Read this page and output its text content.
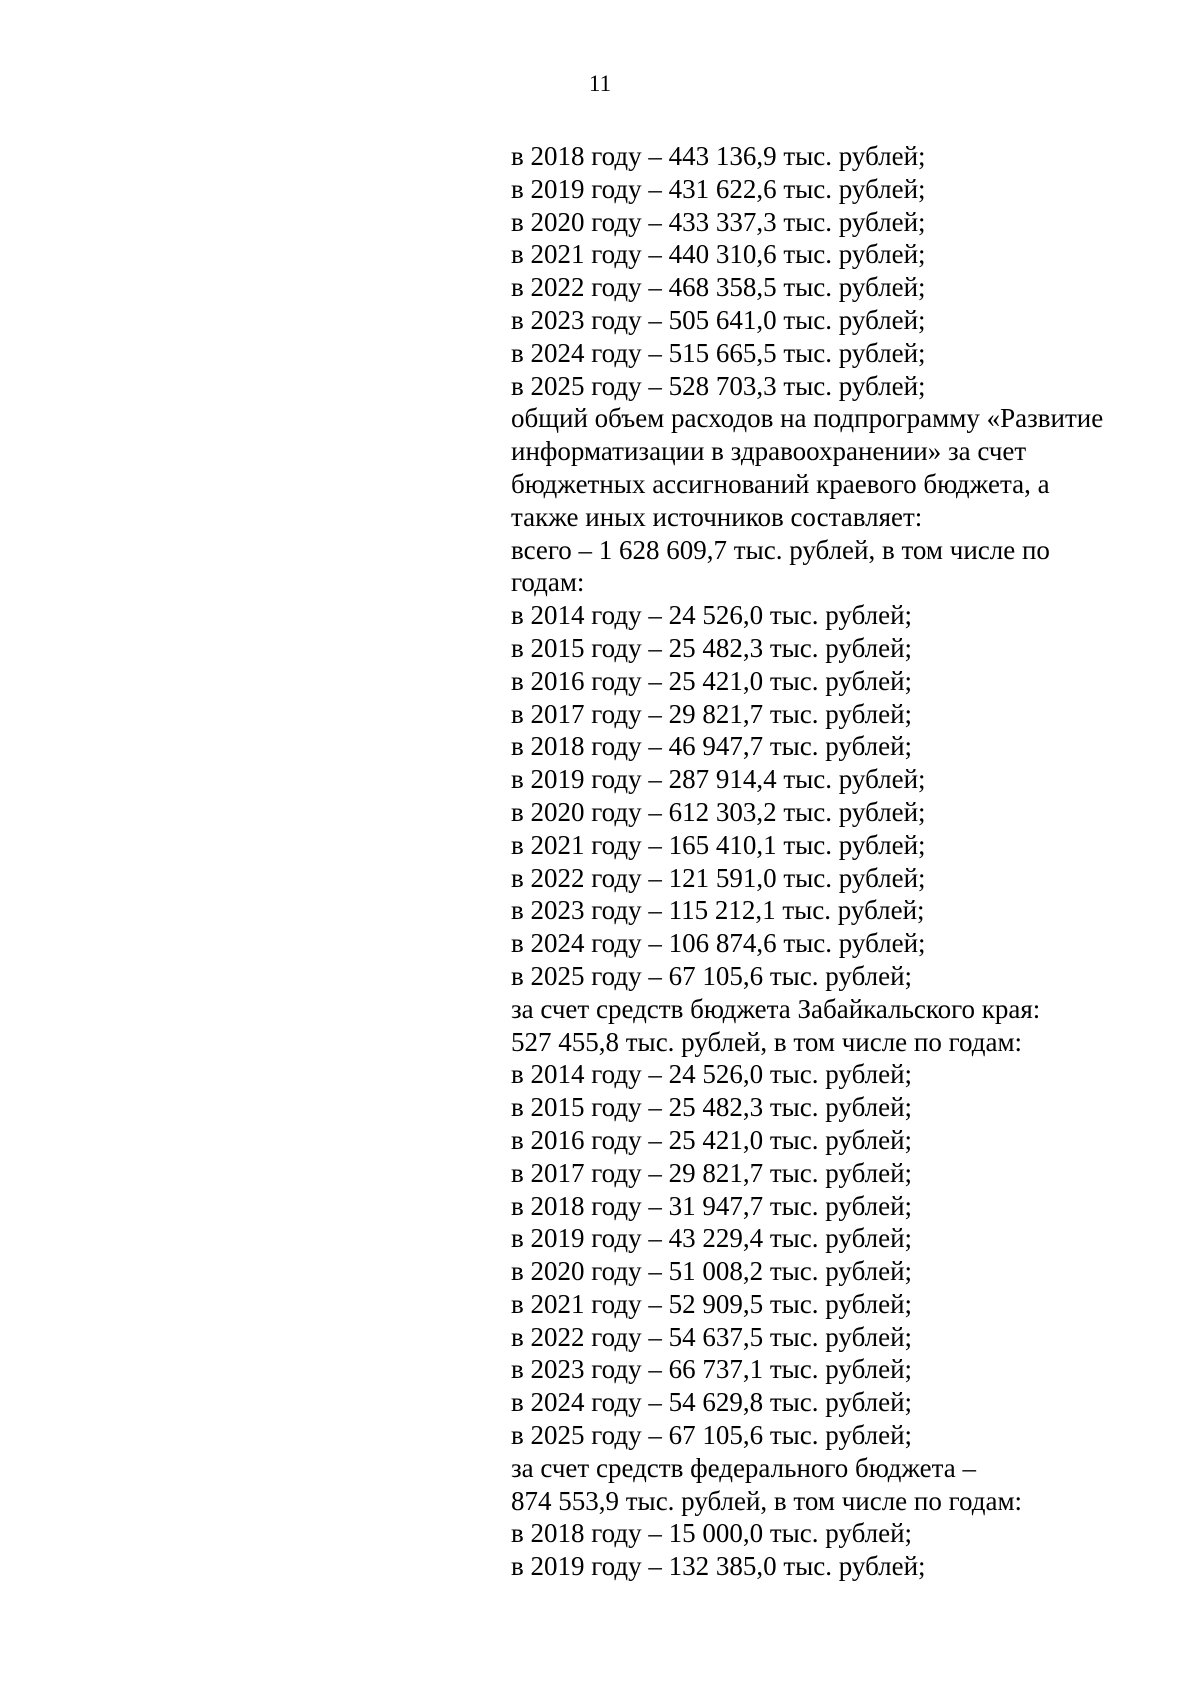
11
в 2018 году – 443 136,9 тыс. рублей;
в 2019 году – 431 622,6 тыс. рублей;
в 2020 году – 433 337,3 тыс. рублей;
в 2021 году – 440 310,6 тыс. рублей;
в 2022 году – 468 358,5 тыс. рублей;
в 2023 году – 505 641,0 тыс. рублей;
в 2024 году – 515 665,5 тыс. рублей;
в 2025 году – 528 703,3 тыс. рублей;
общий объем расходов на подпрограмму «Развитие
информатизации в здравоохранении» за счет
бюджетных ассигнований краевого бюджета, а
также иных источников составляет:
всего – 1 628 609,7 тыс. рублей, в том числе по
годам:
в 2014 году – 24 526,0 тыс. рублей;
в 2015 году – 25 482,3 тыс. рублей;
в 2016 году – 25 421,0 тыс. рублей;
в 2017 году – 29 821,7 тыс. рублей;
в 2018 году – 46 947,7 тыс. рублей;
в 2019 году – 287 914,4 тыс. рублей;
в 2020 году – 612 303,2 тыс. рублей;
в 2021 году – 165 410,1 тыс. рублей;
в 2022 году – 121 591,0 тыс. рублей;
в 2023 году – 115 212,1 тыс. рублей;
в 2024 году – 106 874,6 тыс. рублей;
в 2025 году – 67 105,6 тыс. рублей;
за счет средств бюджета Забайкальского края:
527 455,8 тыс. рублей, в том числе по годам:
в 2014 году – 24 526,0 тыс. рублей;
в 2015 году – 25 482,3 тыс. рублей;
в 2016 году – 25 421,0 тыс. рублей;
в 2017 году – 29 821,7 тыс. рублей;
в 2018 году – 31 947,7 тыс. рублей;
в 2019 году – 43 229,4 тыс. рублей;
в 2020 году – 51 008,2 тыс. рублей;
в 2021 году – 52 909,5 тыс. рублей;
в 2022 году – 54 637,5 тыс. рублей;
в 2023 году – 66 737,1 тыс. рублей;
в 2024 году – 54 629,8 тыс. рублей;
в 2025 году – 67 105,6 тыс. рублей;
за счет средств федерального бюджета –
874 553,9 тыс. рублей, в том числе по годам:
в 2018 году – 15 000,0 тыс. рублей;
в 2019 году – 132 385,0 тыс. рублей;
